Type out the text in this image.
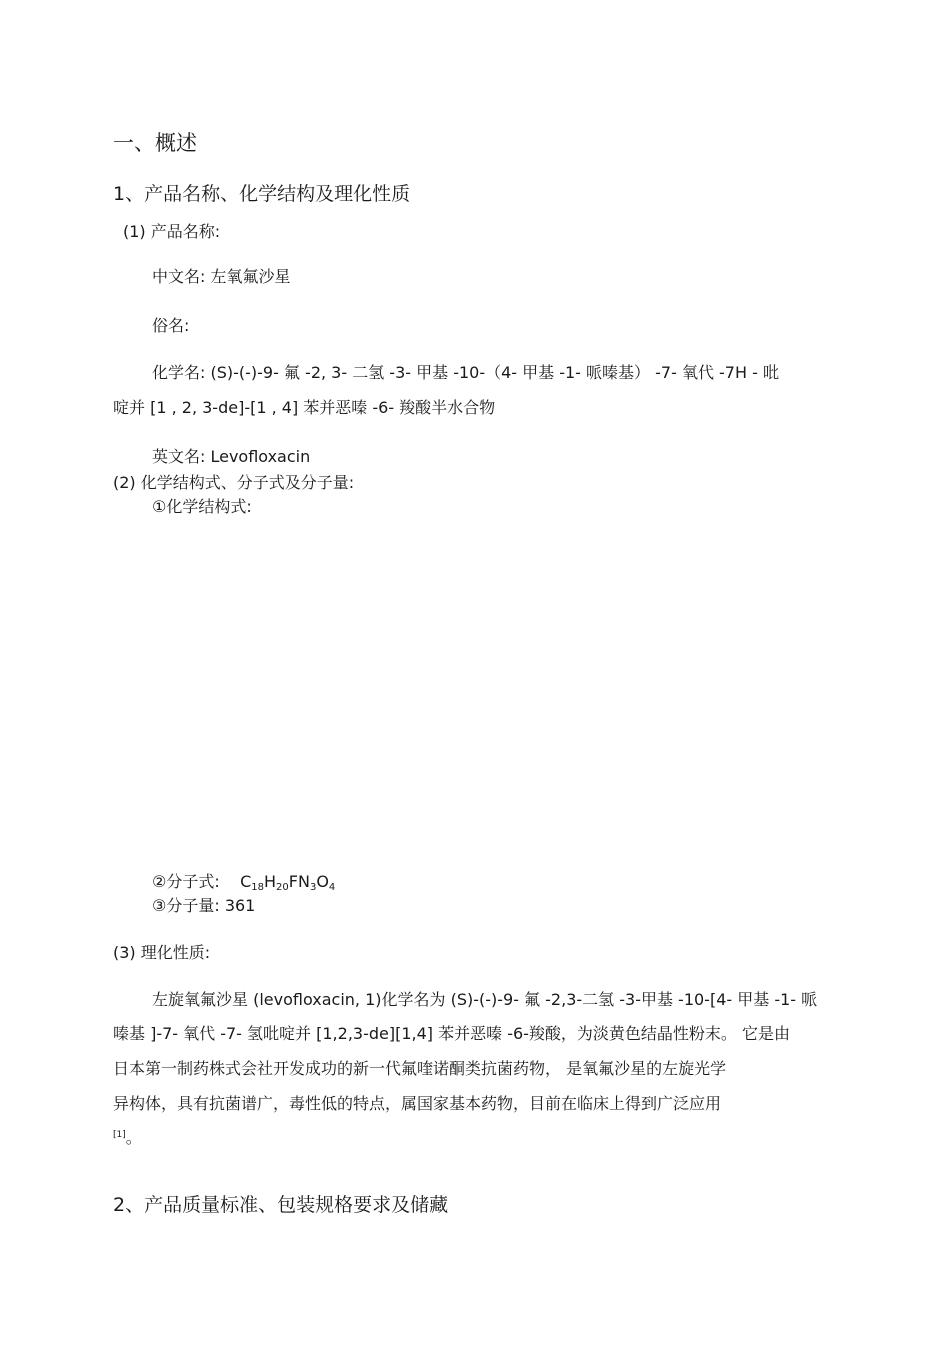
一、概述
1、产品名称、化学结构及理化性质

(1) 产品名称:

中文名: 左氧氟沙星

俗名:

化学名: (S)-(-)-9- 氟 -2, 3- 二氢 -3- 甲基 -10-（4- 甲基 -1- 哌嗪基） -7- 氧代 -7H - 吡

啶并 [1 , 2, 3-de]-[1 , 4] 苯并恶嗪 -6- 羧酸半水合物

英文名: Levofloxacin

(2) 化学结构式、分子式及分子量:

①化学结构式:

②分子式: C18H20FN3O4

③分子量: 361

(3) 理化性质:

左旋氧氟沙星 (levofloxacin, 1)化学名为 (S)-(-)-9- 氟 -2,3-二氢 -3-甲基 -10-[4- 甲基 -1- 哌

嗪基 ]-7- 氧代 -7- 氢吡啶并 [1,2,3-de][1,4] 苯并恶嗪 -6-羧酸，为淡黄色结晶性粉末。 它是由

日本第一制药株式会社开发成功的新一代氟喹诺酮类抗菌药物， 是氧氟沙星的左旋光学

异构体，具有抗菌谱广，毒性低的特点，属国家基本药物，目前在临床上得到广泛应用

[1]。

2、产品质量标准、包装规格要求及储藏
